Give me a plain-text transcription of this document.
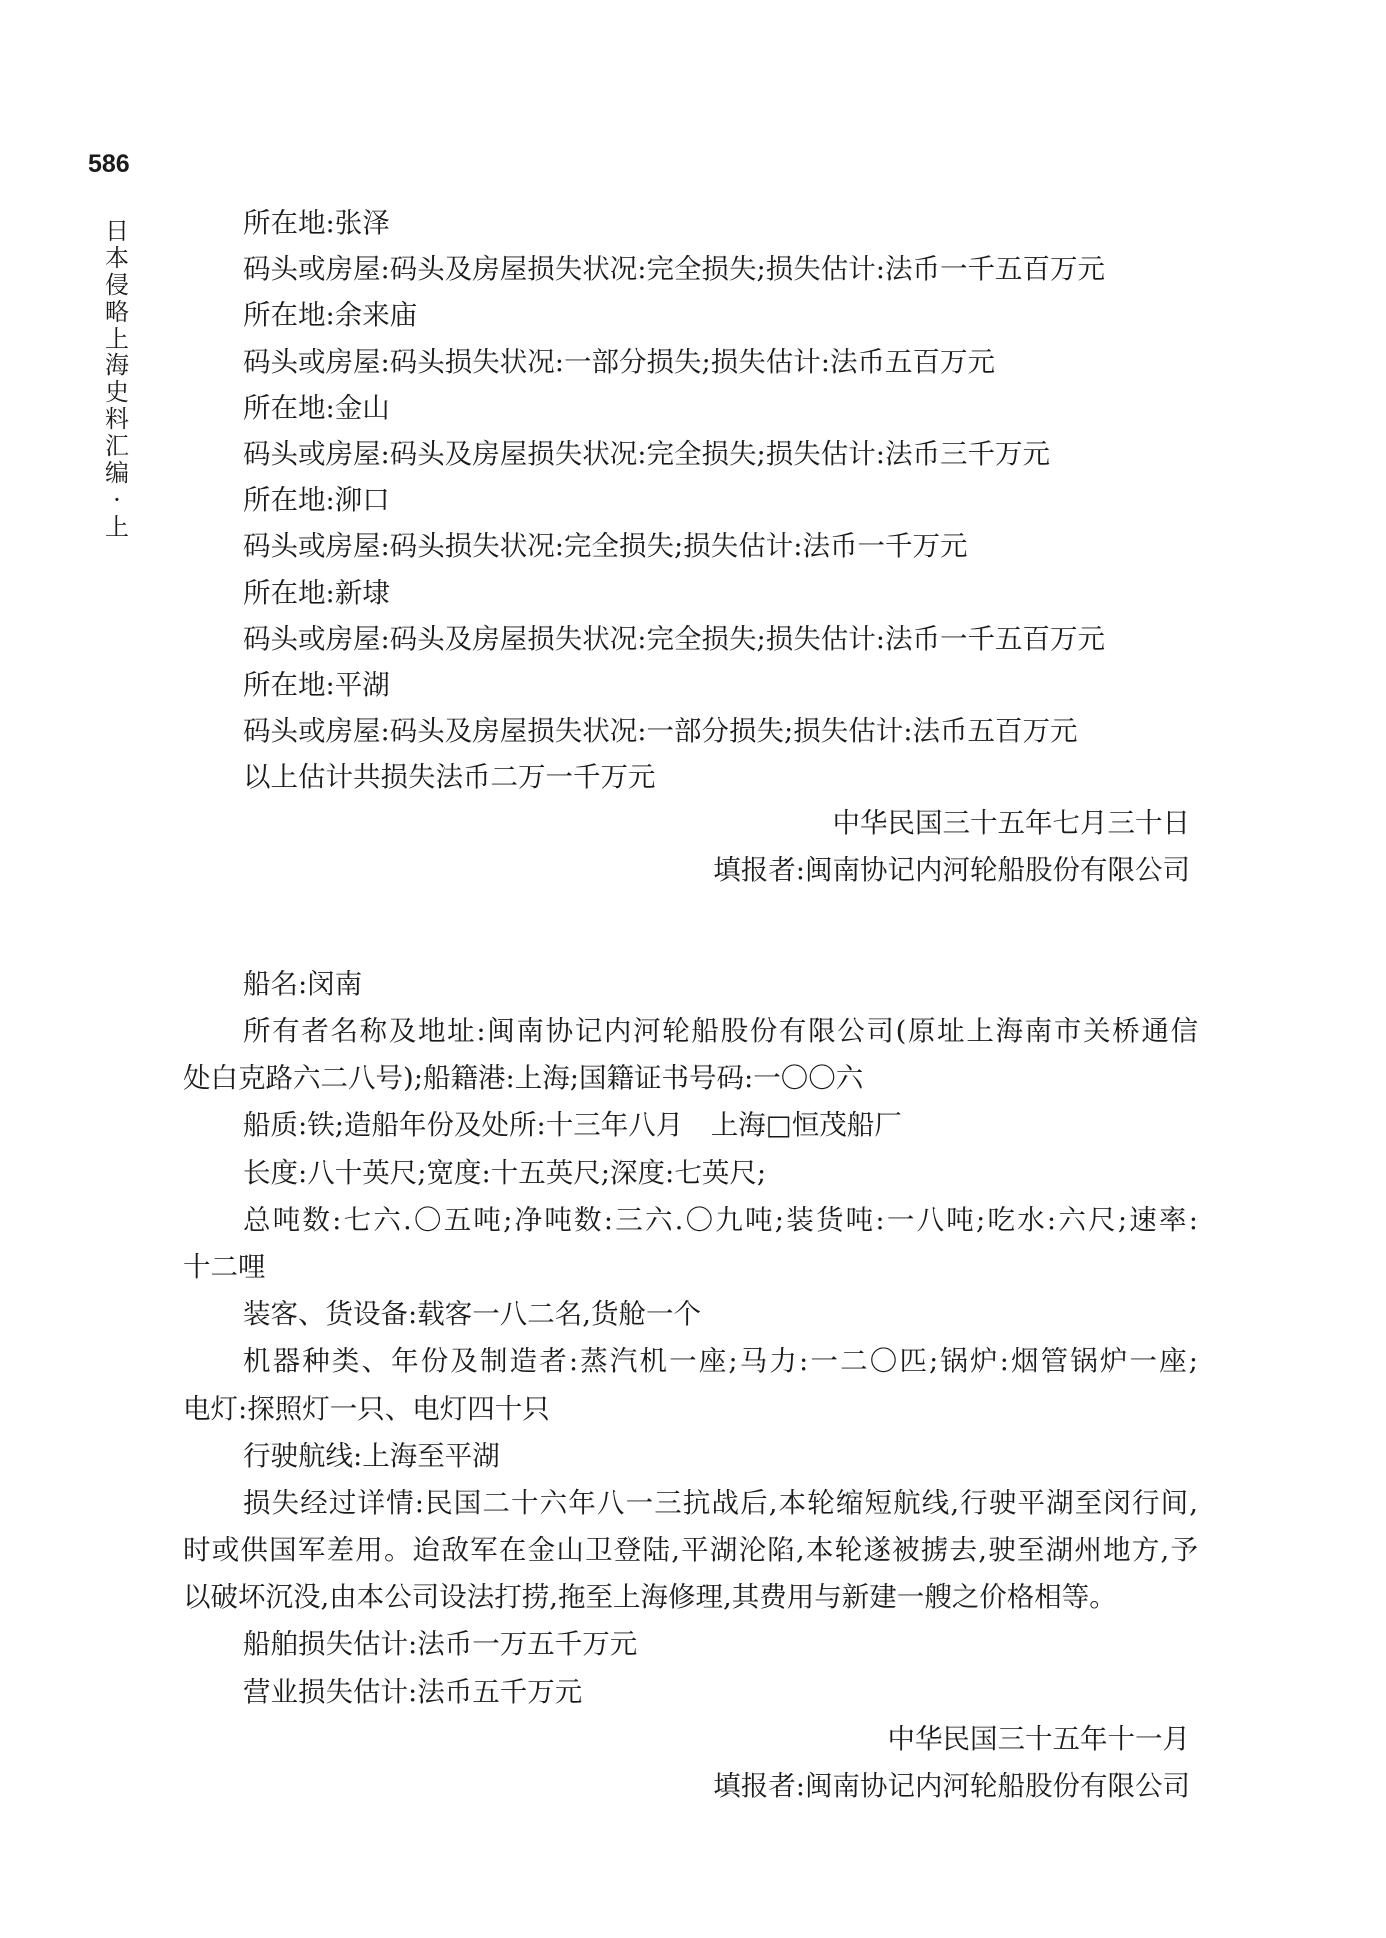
586
日本侵略上海史料汇编·上
所在地:张泽
码头或房屋:码头及房屋损失状况:完全损失;损失估计:法币一千五百万元
所在地:余来庙
码头或房屋:码头损失状况:一部分损失;损失估计:法币五百万元
所在地:金山
码头或房屋:码头及房屋损失状况:完全损失;损失估计:法币三千万元
所在地:泖口
码头或房屋:码头损失状况:完全损失;损失估计:法币一千万元
所在地:新埭
码头或房屋:码头及房屋损失状况:完全损失;损失估计:法币一千五百万元
所在地:平湖
码头或房屋:码头及房屋损失状况:一部分损失;损失估计:法币五百万元
以上估计共损失法币二万一千万元
中华民国三十五年七月三十日
填报者:闽南协记内河轮船股份有限公司
船名:闵南
所有者名称及地址:闽南协记内河轮船股份有限公司(原址上海南市关桥通信
处白克路六二八号);船籍港:上海;国籍证书号码:一〇〇六
船质:铁;造船年份及处所:十三年八月　上海□恒茂船厂
长度:八十英尺;宽度:十五英尺;深度:七英尺;
总吨数:七六.〇五吨;净吨数:三六.〇九吨;装货吨:一八吨;吃水:六尺;速率:
十二哩
装客、货设备:载客一八二名,货舱一个
机器种类、年份及制造者:蒸汽机一座;马力:一二〇匹;锅炉:烟管锅炉一座;
电灯:探照灯一只、电灯四十只
行驶航线:上海至平湖
损失经过详情:民国二十六年八一三抗战后,本轮缩短航线,行驶平湖至闵行间,
时或供国军差用。迨敌军在金山卫登陆,平湖沦陷,本轮遂被掳去,驶至湖州地方,予
以破坏沉没,由本公司设法打捞,拖至上海修理,其费用与新建一艘之价格相等。
船舶损失估计:法币一万五千万元
营业损失估计:法币五千万元
中华民国三十五年十一月
填报者:闽南协记内河轮船股份有限公司
